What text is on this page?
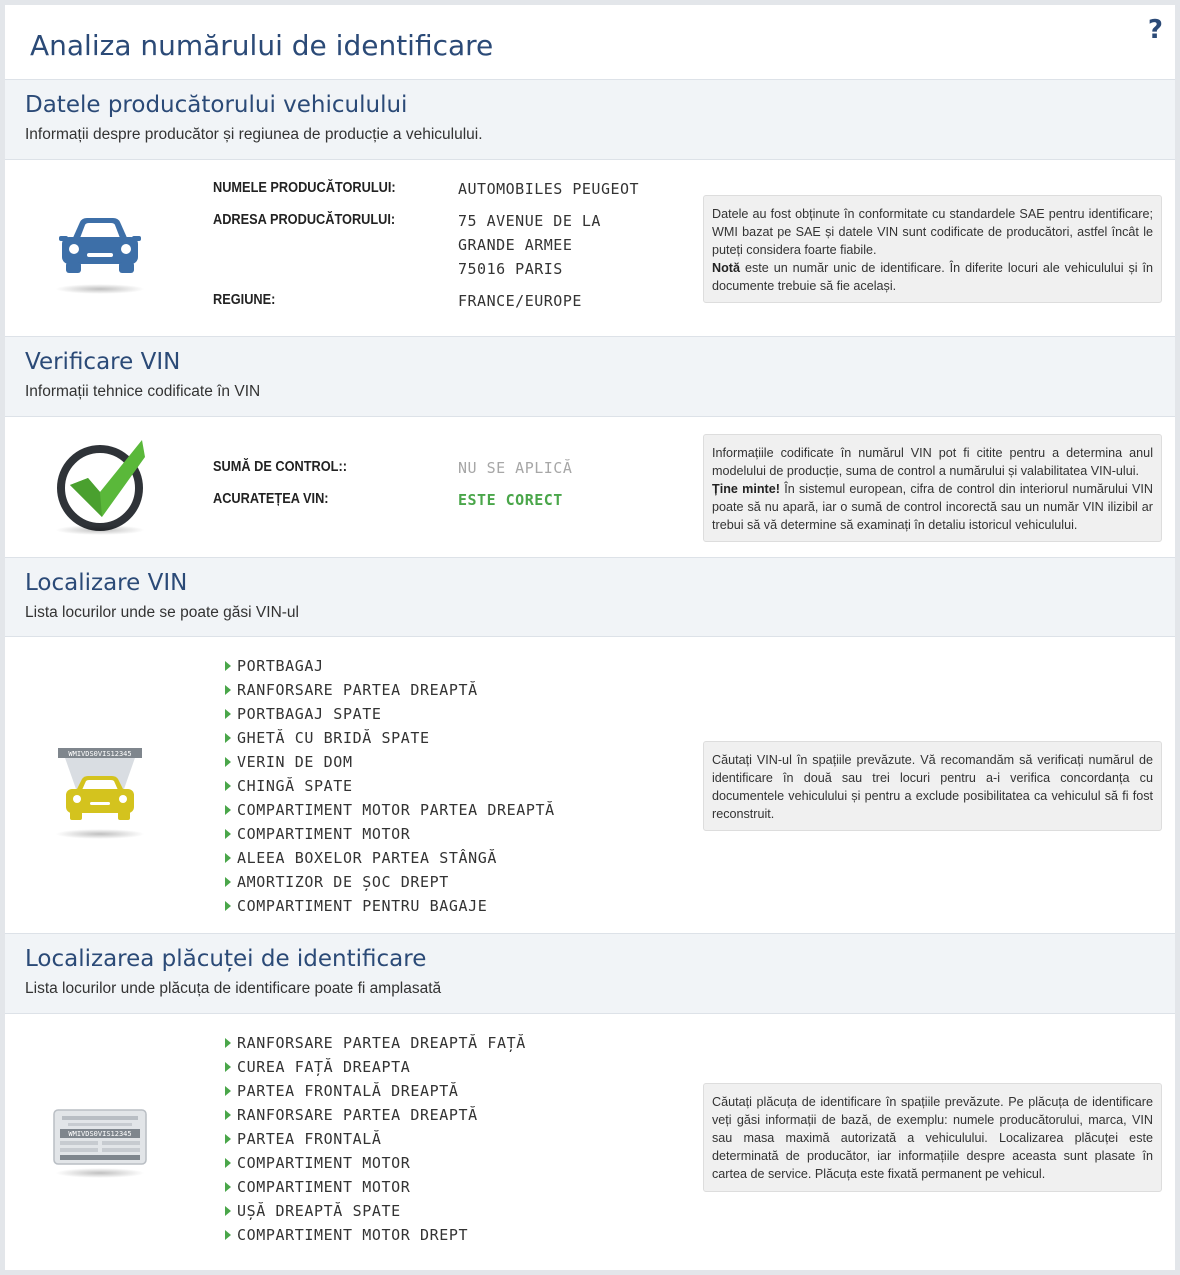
Analiza numărului de identificare	?
Datele producătorului vehiculului
Informații despre producător și regiunea de producție a vehiculului.
NUMELE PRODUCĂTORULUI:	AUTOMOBILES PEUGEOT
ADRESA PRODUCĂTORULUI:	75 AVENUE DE LA
GRANDE ARMEE
75016 PARIS
REGIUNE:	FRANCE/EUROPE
Datele au fost obținute în conformitate cu standardele SAE pentru identificare; WMI bazat pe SAE și datele VIN sunt codificate de producători, astfel încât le puteți considera foarte fiabile.
Notă este un număr unic de identificare. În diferite locuri ale vehiculului și în documente trebuie să fie același.
Verificare VIN
Informații tehnice codificate în VIN
SUMĂ DE CONTROL::	NU SE APLICĂ
ACURATEȚEA VIN:	ESTE CORECT
Informațiile codificate în numărul VIN pot fi citite pentru a determina anul modelului de producție, suma de control a numărului și valabilitatea VIN-ului.
Ține minte! În sistemul european, cifra de control din interiorul numărului VIN poate să nu apară, iar o sumă de control incorectă sau un număr VIN ilizibil ar trebui să vă determine să examinați în detaliu istoricul vehiculului.
Localizare VIN
Lista locurilor unde se poate găsi VIN-ul
WMIVDS0VIS12345
PORTBAGAJ
RANFORSARE PARTEA DREAPTĂ
PORTBAGAJ SPATE
GHETĂ CU BRIDĂ SPATE
VERIN DE DOM
CHINGĂ SPATE
COMPARTIMENT MOTOR PARTEA DREAPTĂ
COMPARTIMENT MOTOR
ALEEA BOXELOR PARTEA STÂNGĂ
AMORTIZOR DE ȘOC DREPT
COMPARTIMENT PENTRU BAGAJE
Căutați VIN-ul în spațiile prevăzute. Vă recomandăm să verificați numărul de identificare în două sau trei locuri pentru a-i verifica concordanța cu documentele vehiculului și pentru a exclude posibilitatea ca vehiculul să fi fost reconstruit.
Localizarea plăcuței de identificare
Lista locurilor unde plăcuța de identificare poate fi amplasată
WMIVDS0VIS12345
RANFORSARE PARTEA DREAPTĂ FAȚĂ
CUREA FAȚĂ DREAPTA
PARTEA FRONTALĂ DREAPTĂ
RANFORSARE PARTEA DREAPTĂ
PARTEA FRONTALĂ
COMPARTIMENT MOTOR
COMPARTIMENT MOTOR
UȘĂ DREAPTĂ SPATE
COMPARTIMENT MOTOR DREPT
Căutați plăcuța de identificare în spațiile prevăzute. Pe plăcuța de identificare veți găsi informații de bază, de exemplu: numele producătorului, marca, VIN sau masa maximă autorizată a vehiculului. Localizarea plăcuței este determinată de producător, iar informațiile despre aceasta sunt plasate în cartea de service. Plăcuța este fixată permanent pe vehicul.
